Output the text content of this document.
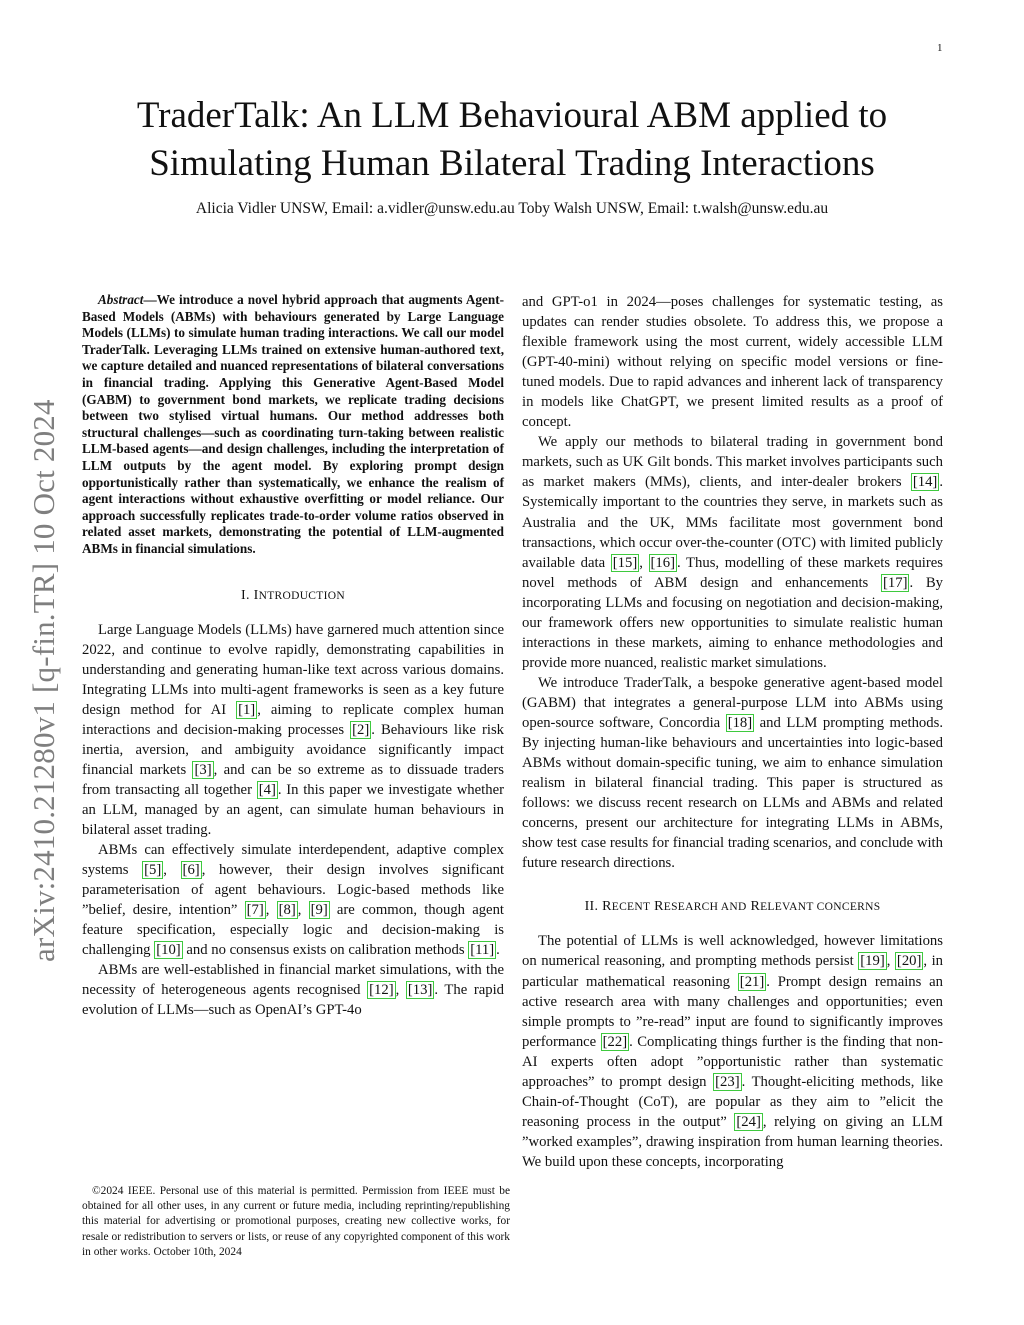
1
TraderTalk: An LLM Behavioural ABM applied to
Simulating Human Bilateral Trading Interactions
Alicia Vidler UNSW, Email: a.vidler@unsw.edu.au Toby Walsh UNSW, Email: t.walsh@unsw.edu.au
arXiv:2410.21280v1 [q-fin.TR] 10 Oct 2024

Abstract—We introduce a novel hybrid approach that augments Agent-Based Models (ABMs) with behaviours generated by Large Language Models (LLMs) to simulate human trading interactions. We call our model TraderTalk. Leveraging LLMs trained on extensive human-authored text, we capture detailed and nuanced representations of bilateral conversations in financial trading. Applying this Generative Agent-Based Model (GABM) to government bond markets, we replicate trading decisions between two stylised virtual humans. Our method addresses both structural challenges—such as coordinating turn-taking between realistic LLM-based agents—and design challenges, including the interpretation of LLM outputs by the agent model. By exploring prompt design opportunistically rather than systematically, we enhance the realism of agent interactions without exhaustive overfitting or model reliance. Our approach successfully replicates trade-to-order volume ratios observed in related asset markets, demonstrating the potential of LLM-augmented ABMs in financial simulations.

I. INTRODUCTION

Large Language Models (LLMs) have garnered much attention since 2022, and continue to evolve rapidly, demonstrating capabilities in understanding and generating human-like text across various domains. Integrating LLMs into multi-agent frameworks is seen as a key future design method for AI [1] , aiming to replicate complex human interactions and decision-making processes [2] . Behaviours like risk inertia, aversion, and ambiguity avoidance significantly impact financial markets [3] , and can be so extreme as to dissuade traders from transacting all together [4] . In this paper we investigate whether an LLM, managed by an agent, can simulate human behaviours in bilateral asset trading.

ABMs can effectively simulate interdependent, adaptive complex systems [5] , [6] , however, their design involves significant parameterisation of agent behaviours. Logic-based methods like ”belief, desire, intention” [7] , [8] , [9] are common, though agent feature specification, especially logic and decision-making is challenging [10] and no consensus exists on calibration methods [11] .

ABMs are well-established in financial market simulations, with the necessity of heterogeneous agents recognised [12] , [13] . The rapid evolution of LLMs—such as OpenAI’s GPT-4o

©2024 IEEE. Personal use of this material is permitted. Permission from IEEE must be obtained for all other uses, in any current or future media, including reprinting/republishing this material for advertising or promotional purposes, creating new collective works, for resale or redistribution to servers or lists, or reuse of any copyrighted component of this work in other works. October 10th, 2024

and GPT-o1 in 2024—poses challenges for systematic testing, as updates can render studies obsolete. To address this, we propose a flexible framework using the most current, widely accessible LLM (GPT-40-mini) without relying on specific model versions or fine-tuned models. Due to rapid advances and inherent lack of transparency in models like ChatGPT, we present limited results as a proof of concept.

We apply our methods to bilateral trading in government bond markets, such as UK Gilt bonds. This market involves participants such as market makers (MMs), clients, and inter-dealer brokers [14] . Systemically important to the countries they serve, in markets such as Australia and the UK, MMs facilitate most government bond transactions, which occur over-the-counter (OTC) with limited publicly available data [15] , [16] . Thus, modelling of these markets requires novel methods of ABM design and enhancements [17] . By incorporating LLMs and focusing on negotiation and decision-making, our framework offers new opportunities to simulate realistic human interactions in these markets, aiming to enhance methodologies and provide more nuanced, realistic market simulations.

We introduce TraderTalk, a bespoke generative agent-based model (GABM) that integrates a general-purpose LLM into ABMs using open-source software, Concordia [18] and LLM prompting methods. By injecting human-like behaviours and uncertainties into logic-based ABMs without domain-specific tuning, we aim to enhance simulation realism in bilateral financial trading. This paper is structured as follows: we discuss recent research on LLMs and ABMs and related concerns, present our architecture for integrating LLMs in ABMs, show test case results for financial trading scenarios, and conclude with future research directions.

II. RECENT RESEARCH AND RELEVANT CONCERNS

The potential of LLMs is well acknowledged, however limitations on numerical reasoning, and prompting methods persist [19] , [20] , in particular mathematical reasoning [21] . Prompt design remains an active research area with many challenges and opportunities; even simple prompts to ”re-read” input are found to significantly improves performance [22] . Complicating things further is the finding that non-AI experts often adopt ”opportunistic rather than systematic approaches” to prompt design [23] . Thought-eliciting methods, like Chain-of-Thought (CoT), are popular as they aim to ”elicit the reasoning process in the output” [24] , relying on giving an LLM ”worked examples”, drawing inspiration from human learning theories. We build upon these concepts, incorporating
